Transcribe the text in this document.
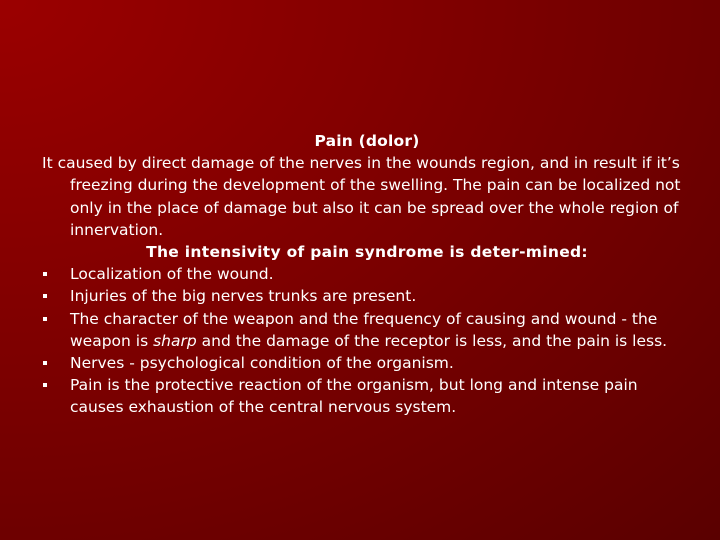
Pain (dolor)
It caused by direct damage of the nerves in the wounds region, and in result if it’s freezing during the development of the swelling. The pain can be localized not only in the place of damage but also it can be spread over the whole region of innervation.
The intensivity of pain syndrome is deter-mined:
Localization of the wound.
Injuries of the big nerves trunks are present.
The character of the weapon and the frequency of causing and wound - the weapon is sharp and the damage of the receptor is less, and the pain is less.
Nerves - psychological condition of the organism.
Pain is the protective reaction of the organism, but long and intense pain causes exhaustion of the central nervous system.
